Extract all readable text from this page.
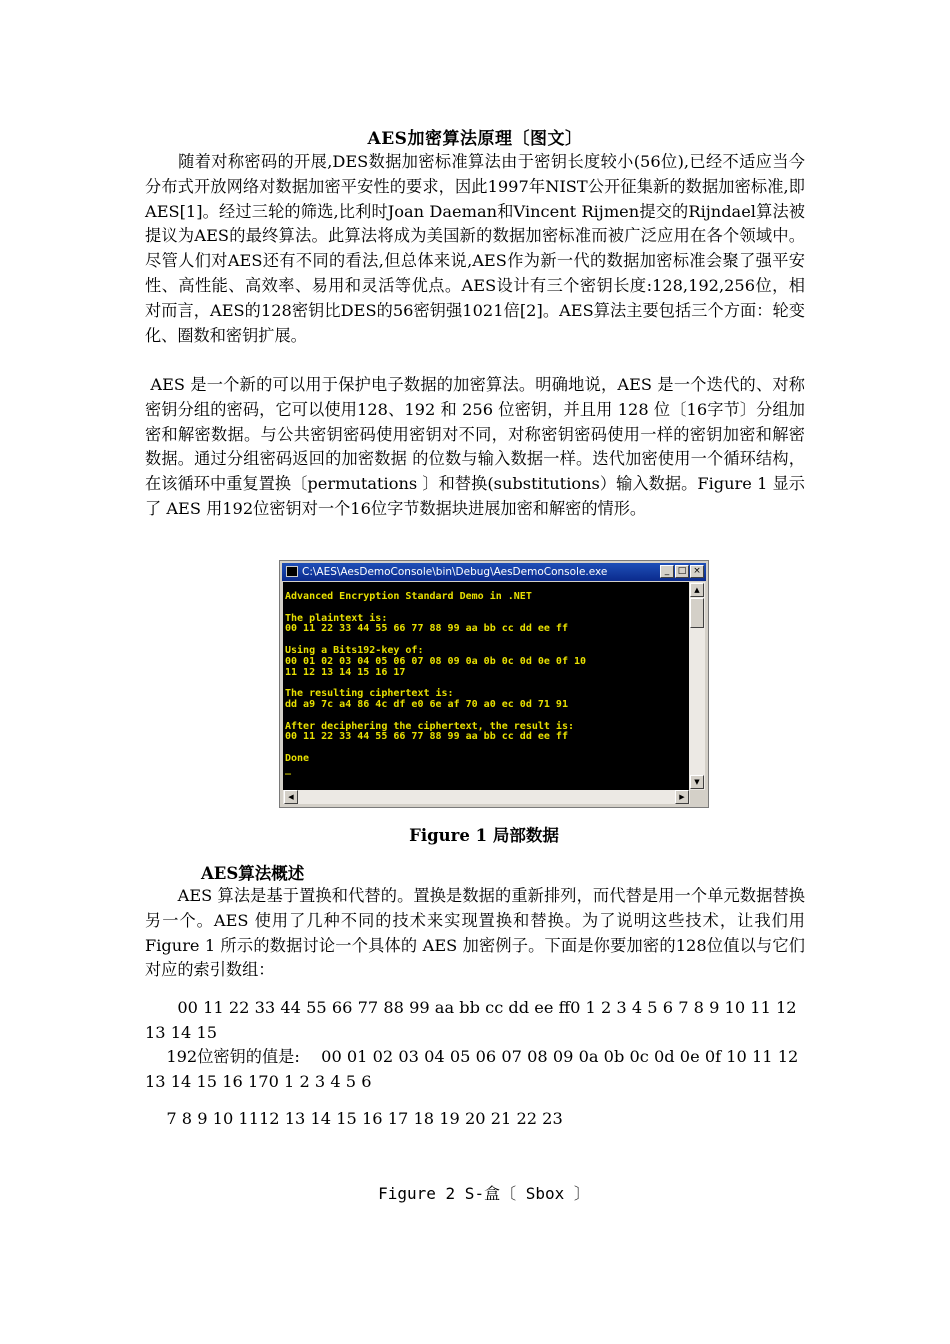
AES加密算法原理〔图文〕

　　随着对称密码的开展,DES数据加密标准算法由于密钥长度较小(56位),已经不适应当今分布式开放网络对数据加密平安性的要求，因此1997年NIST公开征集新的数据加密标准,即AES[1]。经过三轮的筛选,比利时Joan Daeman和Vincent Rijmen提交的Rijndael算法被提议为AES的最终算法。此算法将成为美国新的数据加密标准而被广泛应用在各个领域中。尽管人们对AES还有不同的看法,但总体来说,AES作为新一代的数据加密标准会聚了强平安性、高性能、高效率、易用和灵活等优点。AES设计有三个密钥长度:128,192,256位，相对而言，AES的128密钥比DES的56密钥强1021倍[2]。AES算法主要包括三个方面：轮变化、圈数和密钥扩展。

AES 是一个新的可以用于保护电子数据的加密算法。明确地说，AES 是一个迭代的、对称密钥分组的密码，它可以使用128、192 和 256 位密钥，并且用 128 位〔16字节〕分组加密和解密数据。与公共密钥密码使用密钥对不同，对称密钥密码使用一样的密钥加密和解密数据。通过分组密码返回的加密数据 的位数与输入数据一样。迭代加密使用一个循环结构，在该循环中重复置换〔permutations 〕和替换(substitutions）输入数据。Figure 1 显示了 AES 用192位密钥对一个16位字节数据块进展加密和解密的情形。

C:\AES\AesDemoConsole\bin\Debug\AesDemoConsole.exe	_ □ ×
Advanced Encryption Standard Demo in .NET

The plaintext is:
00 11 22 33 44 55 66 77 88 99 aa bb cc dd ee ff

Using a Bits192-key of:
00 01 02 03 04 05 06 07 08 09 0a 0b 0c 0d 0e 0f 10
11 12 13 14 15 16 17

The resulting ciphertext is:
dd a9 7c a4 86 4c df e0 6e af 70 a0 ec 0d 71 91

After deciphering the ciphertext, the result is:
00 11 22 33 44 55 66 77 88 99 aa bb cc dd ee ff

Done
_
▲
▼
◀	▶
Figure 1 局部数据
AES算法概述

　　AES 算法是基于置换和代替的。置换是数据的重新排列，而代替是用一个单元数据替换另一个。AES 使用了几种不同的技术来实现置换和替换。为了说明这些技术，让我们用 Figure 1 所示的数据讨论一个具体的 AES 加密例子。下面是你要加密的128位值以与它们对应的索引数组：

　　00 11 22 33 44 55 66 77 88 99 aa bb cc dd ee ff0 1 2 3 4 5 6 7 8 9 10 11 12 13 14 15

　 192位密钥的值是:　 00 01 02 03 04 05 06 07 08 09 0a 0b 0c 0d 0e 0f 10 11 12 13 14 15 16 170 1 2 3 4 5 6

　 7 8 9 10 1112 13 14 15 16 17 18 19 20 21 22 23

Figure 2 S-盒〔 Sbox 〕
